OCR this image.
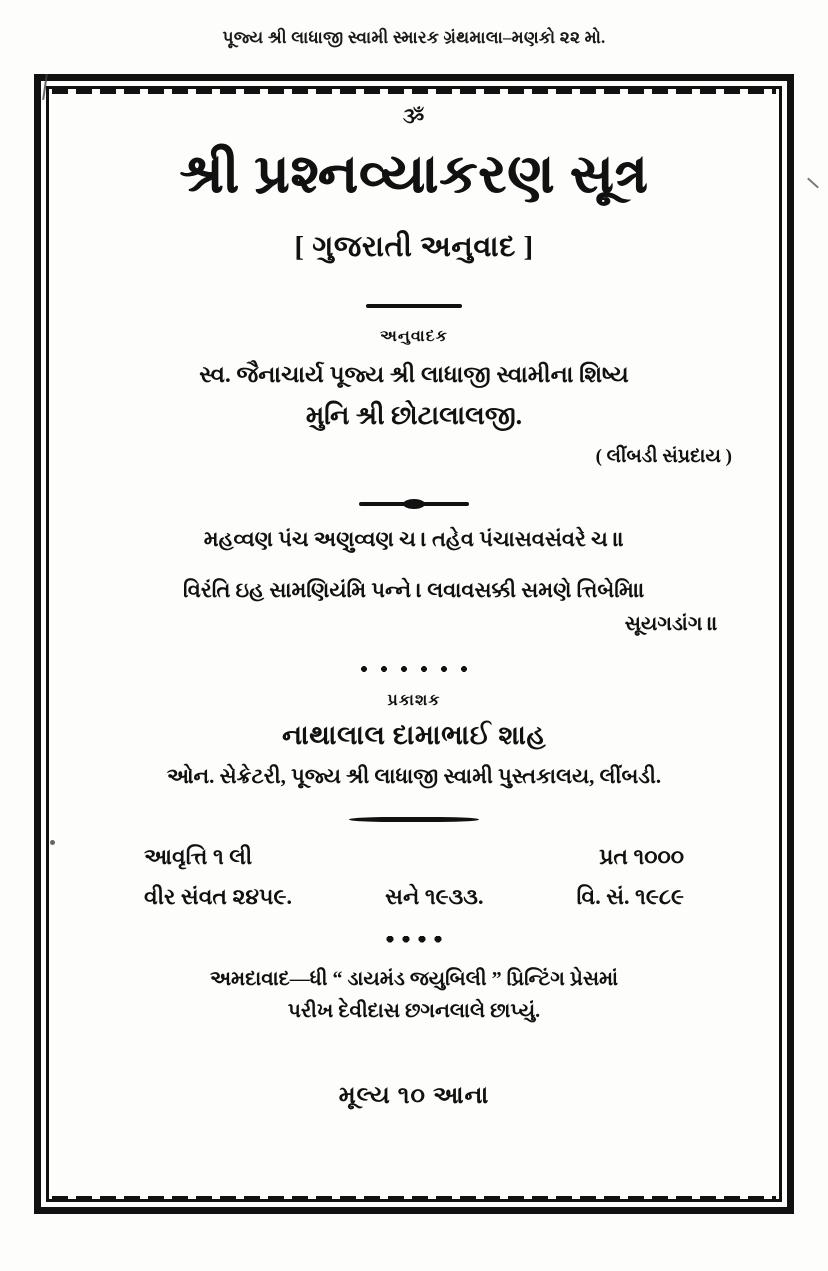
પૂજ્ય શ્રી લાધાજી સ્વામી સ્મારક ગ્રંથમાલા–મણકો ૨૨ મો.
ૐ
શ્રી પ્રશ્નવ્યાકરણ સૂત્ર
[ ગુજરાતી અનુવાદ ]
અનુવાદક
સ્વ. જૈનાચાર્ય પૂજ્ય શ્રી લાધાજી સ્વામીના શિષ્ય
મુનિ શ્રી છોટાલાલજી.
( લીંબડી સંપ્રદાય )
મહવ્વણ પંચ અણુવ્વણ ચ । તહેવ પંચાસવસંવરે ચ ॥
વિરંતિ ઇહ સામણિયંમિ પન્ને । લવાવસક્કી સમણે ત્તિબેમિ॥
સૂયગડાંગ ॥
પ્રકાશક
નાથાલાલ દામાભાઈ શાહ
ઓન. સેક્રેટરી, પૂજ્ય શ્રી લાધાજી સ્વામી પુસ્તકાલય, લીંબડી.
આવૃત્તિ ૧ લી	પ્રત ૧૦૦૦
વીર સંવત ૨૪૫૯.	સને ૧૯૩૩.	વિ. સં. ૧૯૮૯
અમદાવાદ—ધી “ ડાયમંડ જયુબિલી ” પ્રિન્ટિંગ પ્રેસમાં
પરીખ દેવીદાસ છગનલાલે છાપ્યું.
મૂલ્ય ૧૦ આના
